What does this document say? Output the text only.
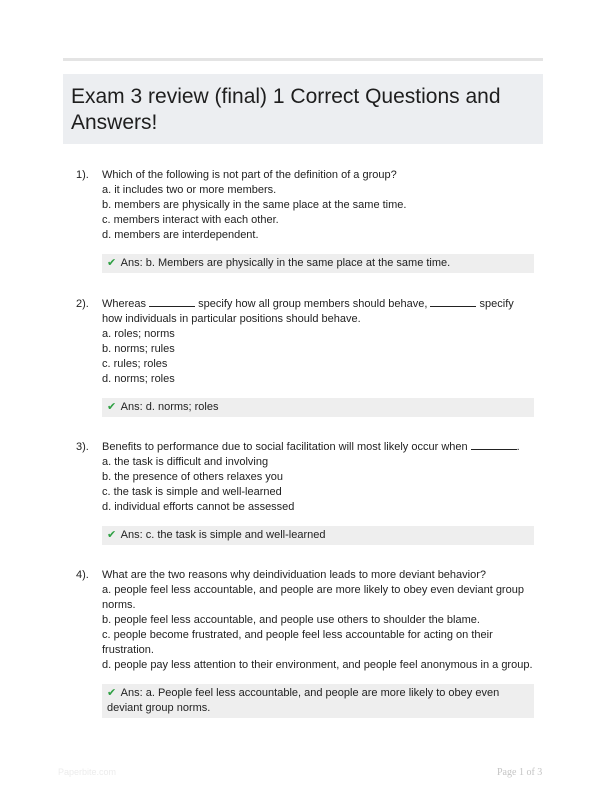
Exam 3 review (final) 1 Correct Questions and Answers!
1). Which of the following is not part of the definition of a group?
a. it includes two or more members.
b. members are physically in the same place at the same time.
c. members interact with each other.
d. members are interdependent.
✔ Ans: b. Members are physically in the same place at the same time.
2). Whereas	specify how all group members should behave,	specify how individuals in particular positions should behave.
a. roles; norms
b. norms; rules
c. rules; roles
d. norms; roles
✔ Ans: d. norms; roles
3). Benefits to performance due to social facilitation will most likely occur when	.
a. the task is difficult and involving
b. the presence of others relaxes you
c. the task is simple and well-learned
d. individual efforts cannot be assessed
✔ Ans: c. the task is simple and well-learned
4). What are the two reasons why deindividuation leads to more deviant behavior?
a. people feel less accountable, and people are more likely to obey even deviant group norms.
b. people feel less accountable, and people use others to shoulder the blame.
c. people become frustrated, and people feel less accountable for acting on their frustration.
d. people pay less attention to their environment, and people feel anonymous in a group.
✔ Ans: a. People feel less accountable, and people are more likely to obey even deviant group norms.
Paperbite.com	Page 1 of 3
